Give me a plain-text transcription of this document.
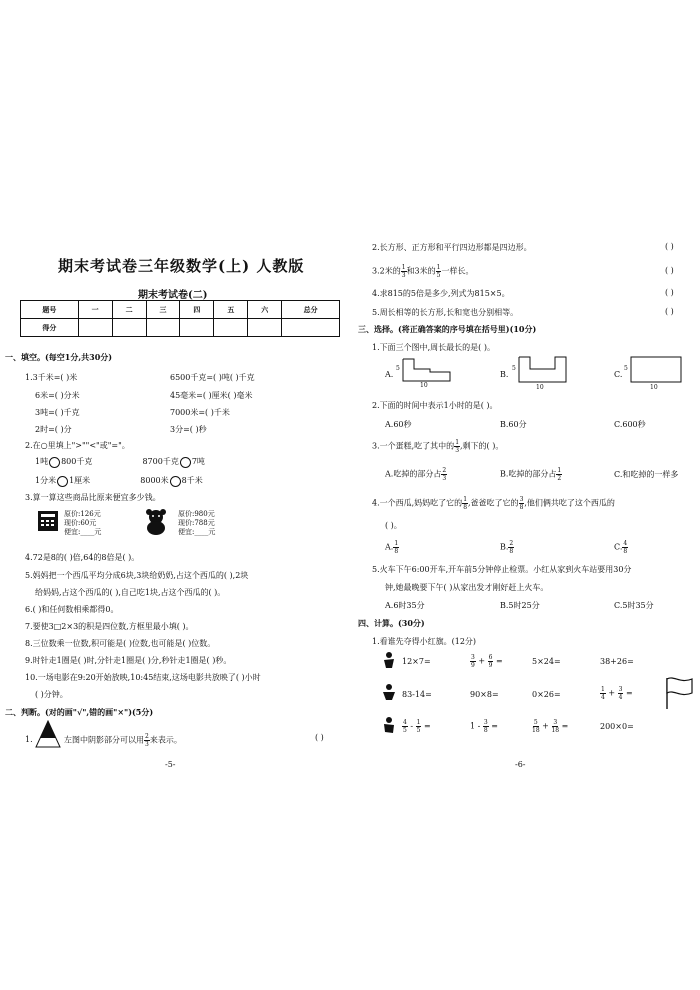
期末考试卷三年级数学(上) 人教版
期末考试卷(二)
题号	一	二	三	四	五	六	总分
得分							
一、填空。(每空1分,共30分)
1.3千米=( )米	6500千克=( )吨( )千克
6米=( )分米	45毫米=( )厘米( )毫米
3吨=( )千克	7000米=( )千米
2时=( )分	3分=( )秒
2.在○里填上">""<"或"="。
1吨 800千克	8700千克 7吨
1分米 1厘米	8000米 8千米
3.算一算这些商品比原来便宜多少钱。
原价:126元
现价:60元
便宜:____元
原价:980元
现价:788元
便宜:____元
4.72是8的( )倍,64的8倍是( )。
5.妈妈把一个西瓜平均分成6块,3块给奶奶,占这个西瓜的( ),2块
给妈妈,占这个西瓜的( ),自己吃1块,占这个西瓜的( )。
6.( )和任何数相乘都得0。
7.要使3□2×3的积是四位数,方框里最小填( )。
8.三位数乘一位数,积可能是( )位数,也可能是( )位数。
9.时针走1圈是( )时,分针走1圈是( )分,秒针走1圈是( )秒。
10.一场电影在9:20开始放映,10:45结束,这场电影共放映了( )小时
( )分钟。
二、判断。(对的画"√",错的画"×")(5分)
1.	左图中阴影部分可以用 $\frac{2}{3}$ 来表示。	( )
-5-
2.长方形、正方形和平行四边形都是四边形。	( )
3.2米的 $\frac{1}{3}$ 和3米的 $\frac{1}{5}$ 一样长。	( )
4.求815的5倍是多少,列式为815×5。	( )
5.周长相等的长方形,长和宽也分别相等。	( )
三、选择。(将正确答案的序号填在括号里)(10分)
1.下面三个图中,周长最长的是( )。
A.
5
10
B.
5
10
C.
5
10
2.下面的时间中表示1小时的是( )。
A.60秒	B.60分	C.600秒
3.一个蛋糕,吃了其中的 $\frac{1}{3}$ ,剩下的( )。
A.吃掉的部分占 $\frac{2}{3}$	B.吃掉的部分占 $\frac{1}{2}$	C.和吃掉的一样多
4.一个西瓜,妈妈吃了它的 $\frac{1}{8}$ ,爸爸吃了它的 $\frac{3}{8}$ ,他们俩共吃了这个西瓜的
( )。
A. $\frac{1}{8}$	B. $\frac{2}{8}$	C. $\frac{4}{8}$
5.火车下午6:00开车,开车前5分钟停止检票。小红从家到火车站要用30分
钟,她最晚要下午( )从家出发才刚好赶上火车。
A.6时35分	B.5时25分	C.5时35分
四、计算。(30分)
1.看谁先夺得小红旗。(12分)
12×7=	$\frac{3}{9} + \frac{6}{9}$ =	5×24=	38+26=
83-14=	90×8=	0×26=	$\frac{1}{4} + \frac{3}{4}$ =
$\frac{4}{5} - \frac{1}{5}$ =	$1 - \frac{3}{8}$ =	$\frac{5}{18} + \frac{3}{18}$ =	200×0=
-6-
